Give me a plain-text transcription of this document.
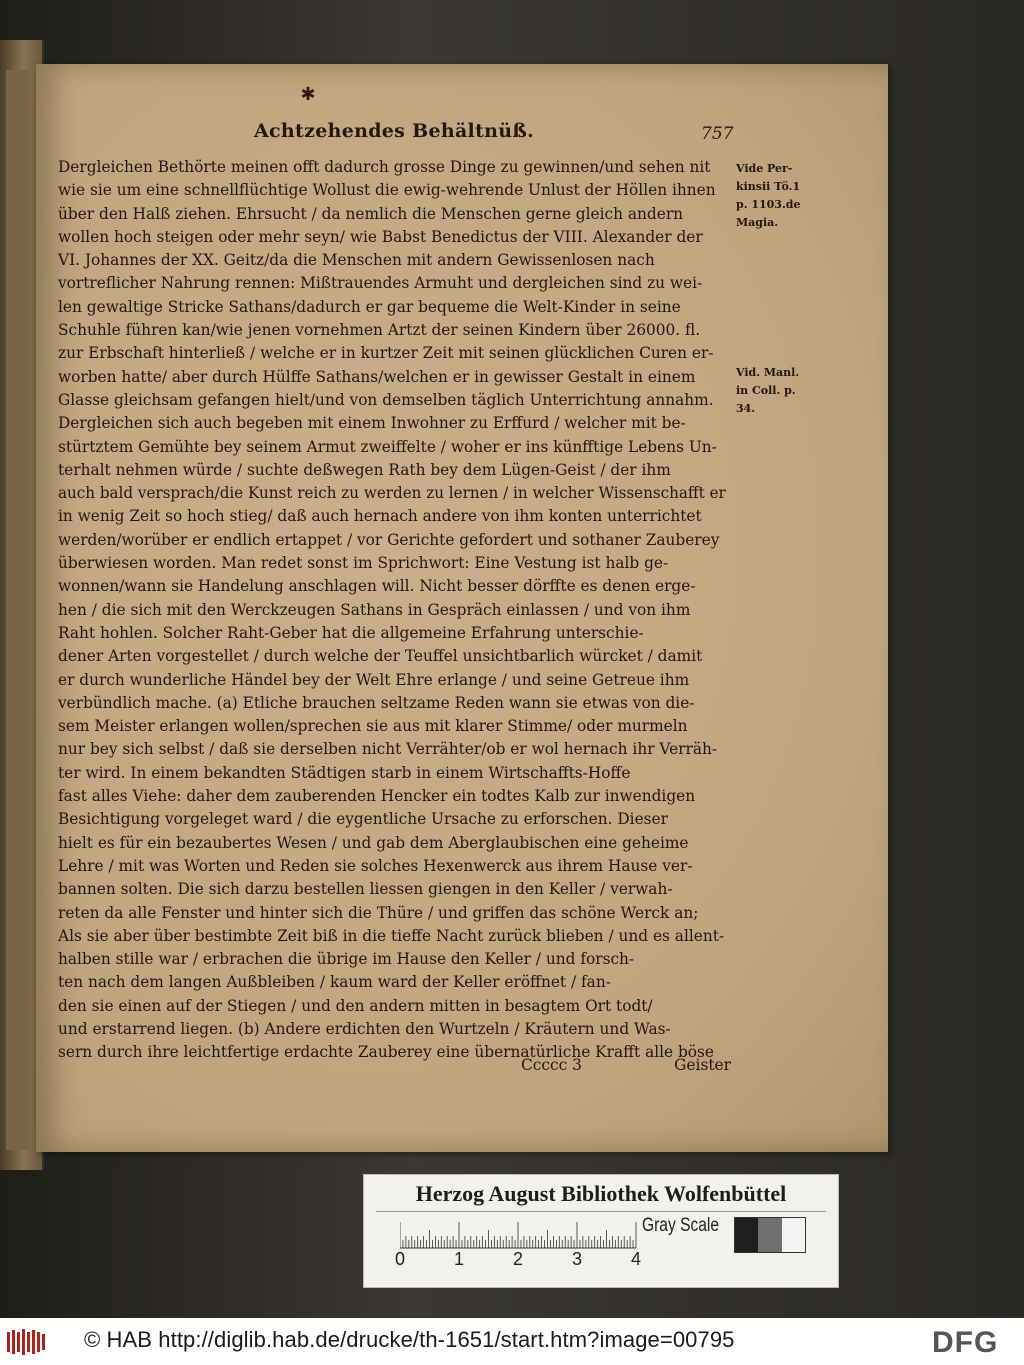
✱
Achtzehendes Behältnüß.	757
Dergleichen Bethörte meinen offt dadurch grosse Dinge zu gewinnen/und sehen nit
wie sie um eine schnellflüchtige Wollust die ewig-wehrende Unlust der Höllen ihnen
über den Halß ziehen. Ehrsucht / da nemlich die Menschen gerne gleich andern
wollen hoch steigen oder mehr seyn/ wie Babst Benedictus der VIII. Alexander der
VI. Johannes der XX. Geitz/da die Menschen mit andern Gewissenlosen nach
vortreflicher Nahrung rennen: Mißtrauendes Armuht und dergleichen sind zu wei-
len gewaltige Stricke Sathans/dadurch er gar bequeme die Welt-Kinder in seine
Schuhle führen kan/wie jenen vornehmen Artzt der seinen Kindern über 26000. fl.
zur Erbschaft hinterließ / welche er in kurtzer Zeit mit seinen glücklichen Curen er-
worben hatte/ aber durch Hülffe Sathans/welchen er in gewisser Gestalt in einem
Glasse gleichsam gefangen hielt/und von demselben täglich Unterrichtung annahm.
Dergleichen sich auch begeben mit einem Inwohner zu Erffurd / welcher mit be-
stürtztem Gemühte bey seinem Armut zweiffelte / woher er ins künfftige Lebens Un-
terhalt nehmen würde / suchte deßwegen Rath bey dem Lügen-Geist / der ihm
auch bald versprach/die Kunst reich zu werden zu lernen / in welcher Wissenschafft er
in wenig Zeit so hoch stieg/ daß auch hernach andere von ihm konten unterrichtet
werden/worüber er endlich ertappet / vor Gerichte gefordert und sothaner Zauberey
überwiesen worden. Man redet sonst im Sprichwort: Eine Vestung ist halb ge-
wonnen/wann sie Handelung anschlagen will. Nicht besser dörffte es denen erge-
hen / die sich mit den Werckzeugen Sathans in Gespräch einlassen / und von ihm
Raht hohlen. Solcher Raht-Geber hat die allgemeine Erfahrung unterschie-
dener Arten vorgestellet / durch welche der Teuffel unsichtbarlich würcket / damit
er durch wunderliche Händel bey der Welt Ehre erlange / und seine Getreue ihm
verbündlich mache. (a) Etliche brauchen seltzame Reden wann sie etwas von die-
sem Meister erlangen wollen/sprechen sie aus mit klarer Stimme/ oder murmeln
nur bey sich selbst / daß sie derselben nicht Verrähter/ob er wol hernach ihr Verräh-
ter wird. In einem bekandten Städtigen starb in einem Wirtschaffts-Hoffe
fast alles Viehe: daher dem zauberenden Hencker ein todtes Kalb zur inwendigen
Besichtigung vorgeleget ward / die eygentliche Ursache zu erforschen. Dieser
hielt es für ein bezaubertes Wesen / und gab dem Aberglaubischen eine geheime
Lehre / mit was Worten und Reden sie solches Hexenwerck aus ihrem Hause ver-
bannen solten. Die sich darzu bestellen liessen giengen in den Keller / verwah-
reten da alle Fenster und hinter sich die Thüre / und griffen das schöne Werck an;
Als sie aber über bestimbte Zeit biß in die tieffe Nacht zurück blieben / und es allent-
halben stille war / erbrachen die übrige im Hause den Keller / und forsch-
ten nach dem langen Außbleiben / kaum ward der Keller eröffnet / fan-
den sie einen auf der Stiegen / und den andern mitten in besagtem Ort todt/
und erstarrend liegen. (b) Andere erdichten den Wurtzeln / Kräutern und Was-
sern durch ihre leichtfertige erdachte Zauberey eine übernatürliche Krafft alle böse
Vide Per-
kinsii Tö.1
p. 1103.de
Magia.
Vid. Manl.
in Coll. p.
34.
Ccccc 3	Geister
Herzog August Bibliothek Wolfenbüttel
0	1	2	3	4
Gray Scale
© HAB http://diglib.hab.de/drucke/th-1651/start.htm?image=00795	DFG
